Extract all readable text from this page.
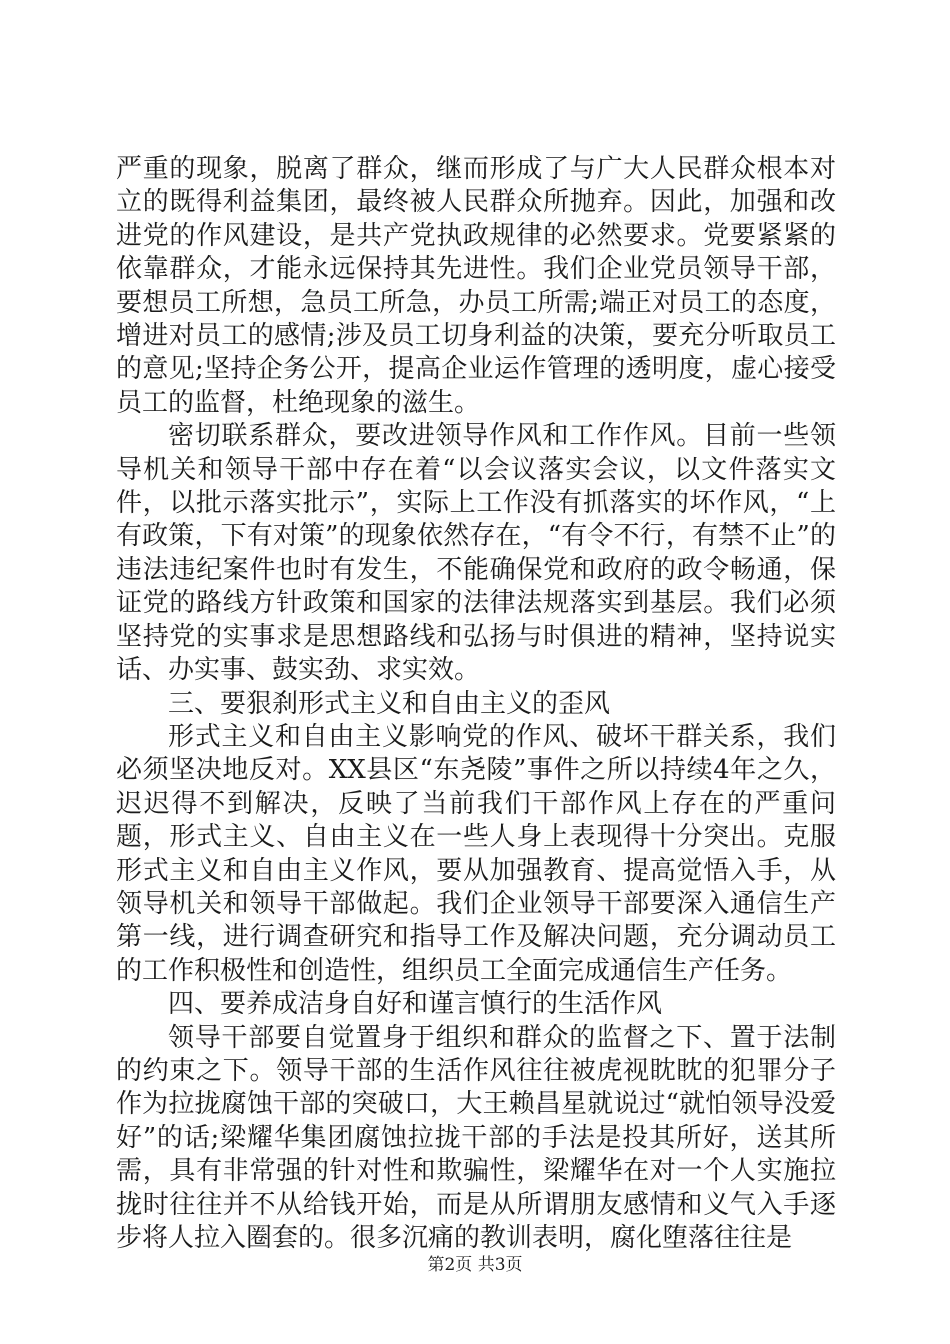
严重的现象，脱离了群众，继而形成了与广大人民群众根本对立的既得利益集团，最终被人民群众所抛弃。因此，加强和改进党的作风建设，是共产党执政规律的必然要求。党要紧紧的依靠群众，才能永远保持其先进性。我们企业党员领导干部，要想员工所想，急员工所急，办员工所需;端正对员工的态度，增进对员工的感情;涉及员工切身利益的决策，要充分听取员工的意见;坚持企务公开，提高企业运作管理的透明度，虚心接受员工的监督，杜绝现象的滋生。

密切联系群众，要改进领导作风和工作作风。目前一些领导机关和领导干部中存在着“以会议落实会议，以文件落实文件，以批示落实批示”，实际上工作没有抓落实的坏作风，“上有政策，下有对策”的现象依然存在，“有令不行，有禁不止”的违法违纪案件也时有发生，不能确保党和政府的政令畅通，保证党的路线方针政策和国家的法律法规落实到基层。我们必须坚持党的实事求是思想路线和弘扬与时俱进的精神，坚持说实话、办实事、鼓实劲、求实效。

三、要狠刹形式主义和自由主义的歪风

形式主义和自由主义影响党的作风、破坏干群关系，我们必须坚决地反对。XX县区“东尧陵”事件之所以持续4年之久，迟迟得不到解决，反映了当前我们干部作风上存在的严重问题，形式主义、自由主义在一些人身上表现得十分突出。克服形式主义和自由主义作风，要从加强教育、提高觉悟入手，从领导机关和领导干部做起。我们企业领导干部要深入通信生产第一线，进行调查研究和指导工作及解决问题，充分调动员工的工作积极性和创造性，组织员工全面完成通信生产任务。

四、要养成洁身自好和谨言慎行的生活作风

领导干部要自觉置身于组织和群众的监督之下、置于法制的约束之下。领导干部的生活作风往往被虎视眈眈的犯罪分子作为拉拢腐蚀干部的突破口，大王赖昌星就说过“就怕领导没爱好”的话;梁耀华集团腐蚀拉拢干部的手法是投其所好，送其所需，具有非常强的针对性和欺骗性，梁耀华在对一个人实施拉拢时往往并不从给钱开始，而是从所谓朋友感情和义气入手逐步将人拉入圈套的。很多沉痛的教训表明，腐化堕落往往是

第2页 共3页
